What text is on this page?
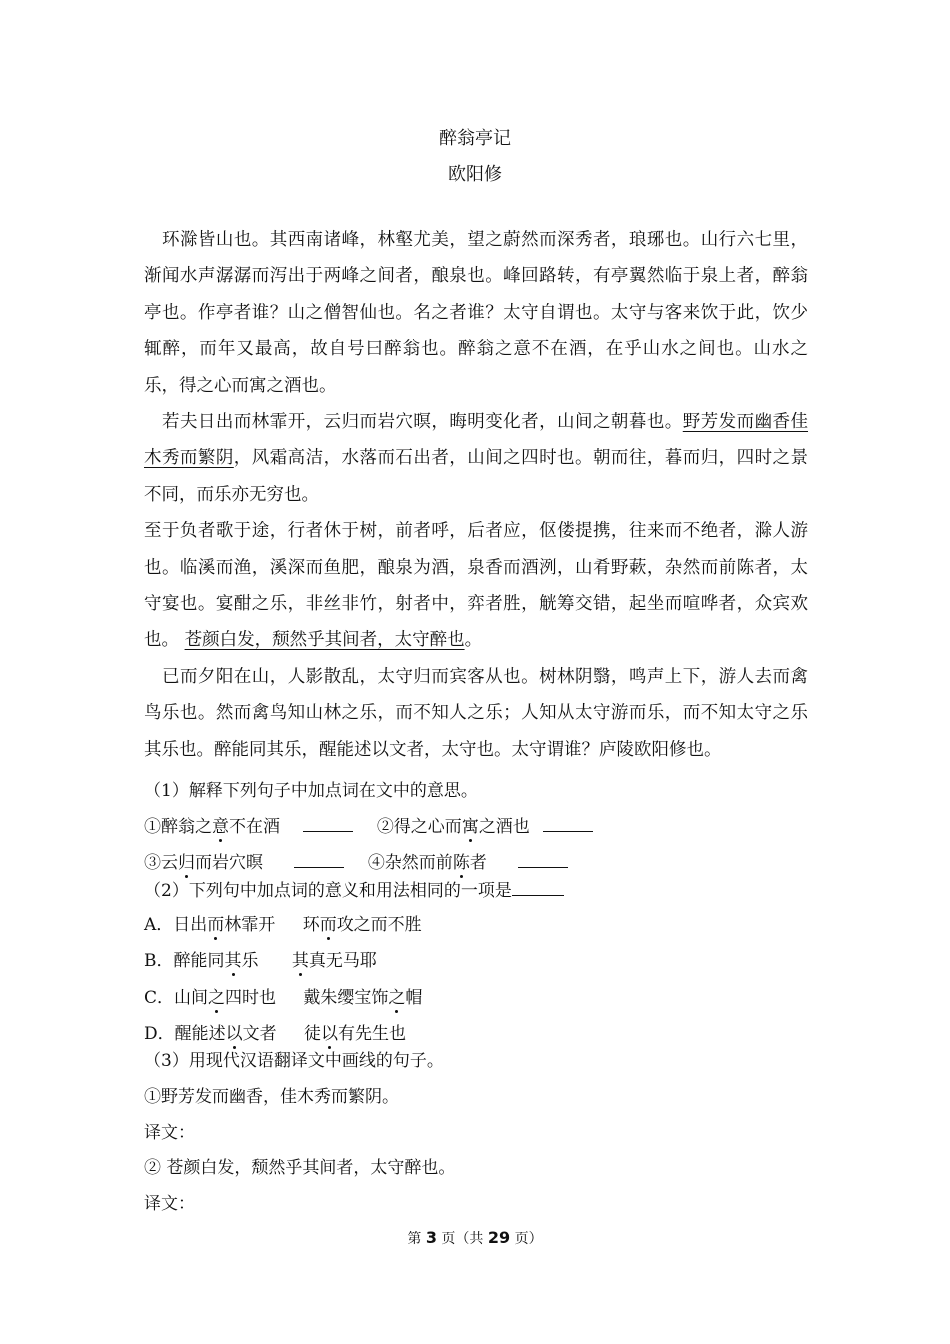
醉翁亭记
欧阳修

环滁皆山也。其西南诸峰，林壑尤美，望之蔚然而深秀者，琅琊也。山行六七里，渐闻水声潺潺而泻出于两峰之间者，酿泉也。峰回路转，有亭翼然临于泉上者，醉翁亭也。作亭者谁？山之僧智仙也。名之者谁？太守自谓也。太守与客来饮于此，饮少辄醉，而年又最高，故自号曰醉翁也。醉翁之意不在酒，在乎山水之间也。山水之乐，得之心而寓之酒也。

若夫日出而林霏开，云归而岩穴暝，晦明变化者，山间之朝暮也。野芳发而幽香佳木秀而繁阴，风霜高洁，水落而石出者，山间之四时也。朝而往，暮而归，四时之景不同，而乐亦无穷也。

至于负者歌于途，行者休于树，前者呼，后者应，伛偻提携，往来而不绝者，滁人游也。临溪而渔，溪深而鱼肥，酿泉为酒，泉香而酒洌，山肴野蔌，杂然而前陈者，太守宴也。宴酣之乐，非丝非竹，射者中，弈者胜，觥筹交错，起坐而喧哗者，众宾欢也。 苍颜白发，颓然乎其间者，太守醉也。

已而夕阳在山，人影散乱，太守归而宾客从也。树林阴翳，鸣声上下，游人去而禽鸟乐也。然而禽鸟知山林之乐，而不知人之乐；人知从太守游而乐，而不知太守之乐其乐也。醉能同其乐，醒能述以文者，太守也。太守谓谁？庐陵欧阳修也。

（1）解释下列句子中加点词在文中的意思。
①醉翁之意不在酒	②得之心而寓之酒也
③云归而岩穴暝	④杂然而前陈者
（2）下列句中加点词的意义和用法相同的一项是
A．日出而林霏开 环而攻之而不胜
B．醉能同其乐 其真无马耶
C．山间之四时也 戴朱缨宝饰之帽
D．醒能述以文者 徒以有先生也
（3）用现代汉语翻译文中画线的句子。
①野芳发而幽香，佳木秀而繁阴。
译文：
② 苍颜白发，颓然乎其间者，太守醉也。
译文：
第 3 页（共 29 页）
